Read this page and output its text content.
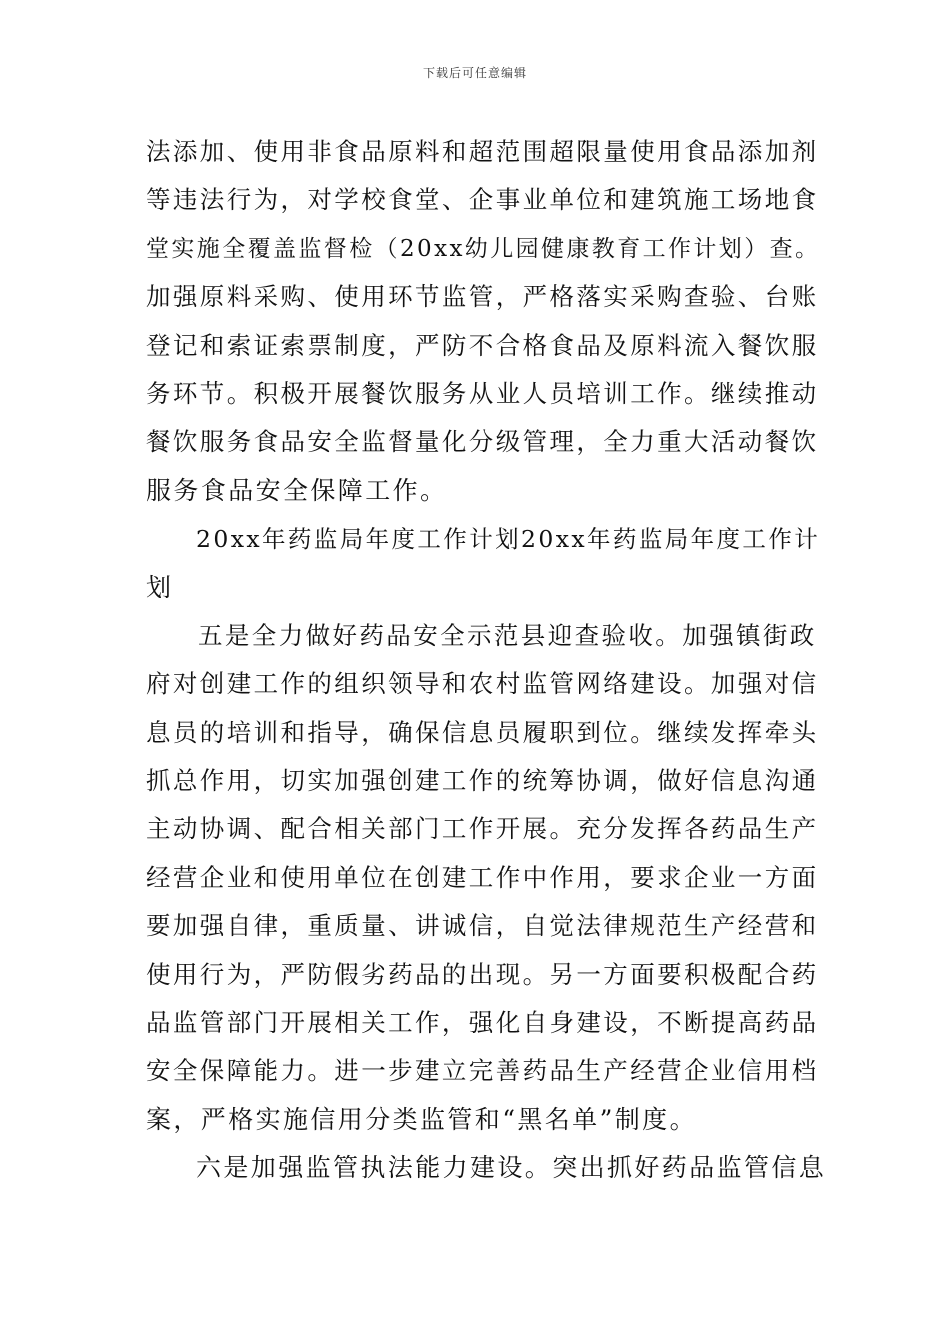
下载后可任意编辑
法添加、使用非食品原料和超范围超限量使用食品添加剂
等违法行为，对学校食堂、企事业单位和建筑施工场地食
堂实施全覆盖监督检（20xx幼儿园健康教育工作计划）查。
加强原料采购、使用环节监管，严格落实采购查验、台账
登记和索证索票制度，严防不合格食品及原料流入餐饮服
务环节。积极开展餐饮服务从业人员培训工作。继续推动
餐饮服务食品安全监督量化分级管理，全力重大活动餐饮
服务食品安全保障工作。
20xx年药监局年度工作计划20xx年药监局年度工作计
划
五是全力做好药品安全示范县迎查验收。加强镇街政
府对创建工作的组织领导和农村监管网络建设。加强对信
息员的培训和指导，确保信息员履职到位。继续发挥牵头
抓总作用，切实加强创建工作的统筹协调，做好信息沟通
主动协调、配合相关部门工作开展。充分发挥各药品生产
经营企业和使用单位在创建工作中作用，要求企业一方面
要加强自律，重质量、讲诚信，自觉法律规范生产经营和
使用行为，严防假劣药品的出现。另一方面要积极配合药
品监管部门开展相关工作，强化自身建设，不断提高药品
安全保障能力。进一步建立完善药品生产经营企业信用档
案，严格实施信用分类监管和“黑名单”制度。
六是加强监管执法能力建设。突出抓好药品监管信息
